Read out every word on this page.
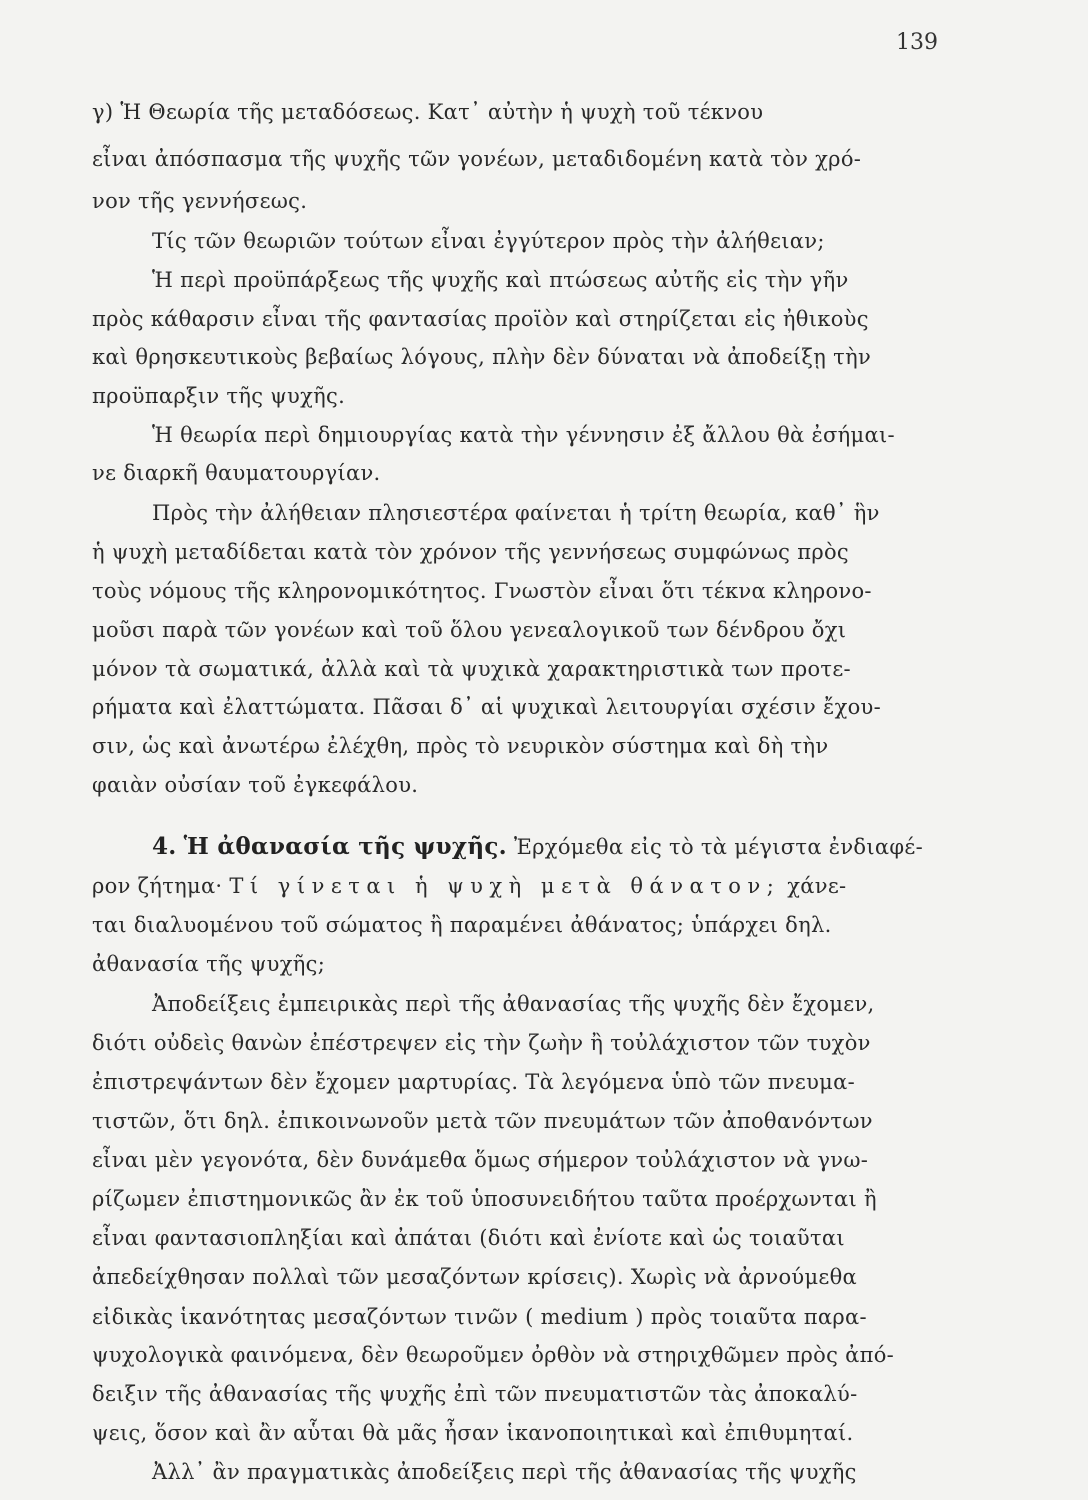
139
γ) Ἡ Θεωρία τῆς μεταδόσεως. Κατ᾽ αὐτὴν ἡ ψυχὴ τοῦ τέκνου
εἶναι ἀπόσπασμα τῆς ψυχῆς τῶν γονέων, μεταδιδομένη κατὰ τὸν χρό-
νον τῆς γεννήσεως.
Τίς τῶν θεωριῶν τούτων εἶναι ἐγγύτερον πρὸς τὴν ἀλήθειαν;
Ἡ περὶ προϋπάρξεως τῆς ψυχῆς καὶ πτώσεως αὐτῆς εἰς τὴν γῆν
πρὸς κάθαρσιν εἶναι τῆς φαντασίας προϊὸν καὶ στηρίζεται εἰς ἠθικοὺς
καὶ θρησκευτικοὺς βεβαίως λόγους, πλὴν δὲν δύναται νὰ ἀποδείξῃ τὴν
προϋπαρξιν τῆς ψυχῆς.
Ἡ θεωρία περὶ δημιουργίας κατὰ τὴν γέννησιν ἐξ ἄλλου θὰ ἐσήμαι-
νε διαρκῆ θαυματουργίαν.
Πρὸς τὴν ἀλήθειαν πλησιεστέρα φαίνεται ἡ τρίτη θεωρία, καθ᾽ ἣν
ἡ ψυχὴ μεταδίδεται κατὰ τὸν χρόνον τῆς γεννήσεως συμφώνως πρὸς
τοὺς νόμους τῆς κληρονομικότητος. Γνωστὸν εἶναι ὅτι τέκνα κληρονο-
μοῦσι παρὰ τῶν γονέων καὶ τοῦ ὅλου γενεαλογικοῦ των δένδρου ὄχι
μόνον τὰ σωματικά, ἀλλὰ καὶ τὰ ψυχικὰ χαρακτηριστικὰ των προτε-
ρήματα καὶ ἐλαττώματα. Πᾶσαι δ᾽ αἱ ψυχικαὶ λειτουργίαι σχέσιν ἔχου-
σιν, ὡς καὶ ἀνωτέρω ἐλέχθη, πρὸς τὸ νευρικὸν σύστημα καὶ δὴ τὴν
φαιὰν οὐσίαν τοῦ ἐγκεφάλου.
4. Ἡ ἀθανασία τῆς ψυχῆς. Ἐρχόμεθα εἰς τὸ τὰ μέγιστα ἐνδιαφέ-
ρον ζήτημα· Τί γίνεται ἡ ψυχὴ μετὰ θάνατον; χάνε-
ται διαλυομένου τοῦ σώματος ἢ παραμένει ἀθάνατος; ὑπάρχει δηλ.
ἀθανασία τῆς ψυχῆς;
Ἀποδείξεις ἐμπειρικὰς περὶ τῆς ἀθανασίας τῆς ψυχῆς δὲν ἔχομεν,
διότι οὐδεὶς θανὼν ἐπέστρεψεν εἰς τὴν ζωὴν ἢ τοὐλάχιστον τῶν τυχὸν
ἐπιστρεψάντων δὲν ἔχομεν μαρτυρίας. Τὰ λεγόμενα ὑπὸ τῶν πνευμα-
τιστῶν, ὅτι δηλ. ἐπικοινωνοῦν μετὰ τῶν πνευμάτων τῶν ἀποθανόντων
εἶναι μὲν γεγονότα, δὲν δυνάμεθα ὅμως σήμερον τοὐλάχιστον νὰ γνω-
ρίζωμεν ἐπιστημονικῶς ἂν ἐκ τοῦ ὑποσυνειδήτου ταῦτα προέρχωνται ἢ
εἶναι φαντασιοπληξίαι καὶ ἀπάται (διότι καὶ ἐνίοτε καὶ ὡς τοιαῦται
ἀπεδείχθησαν πολλαὶ τῶν μεσαζόντων κρίσεις). Χωρὶς νὰ ἀρνούμεθα
εἰδικὰς ἱκανότητας μεσαζόντων τινῶν ( medium ) πρὸς τοιαῦτα παρα-
ψυχολογικὰ φαινόμενα, δὲν θεωροῦμεν ὀρθὸν νὰ στηριχθῶμεν πρὸς ἀπό-
δειξιν τῆς ἀθανασίας τῆς ψυχῆς ἐπὶ τῶν πνευματιστῶν τὰς ἀποκαλύ-
ψεις, ὅσον καὶ ἂν αὗται θὰ μᾶς ἦσαν ἱκανοποιητικαὶ καὶ ἐπιθυμηταί.
Ἀλλ᾽ ἂν πραγματικὰς ἀποδείξεις περὶ τῆς ἀθανασίας τῆς ψυχῆς
